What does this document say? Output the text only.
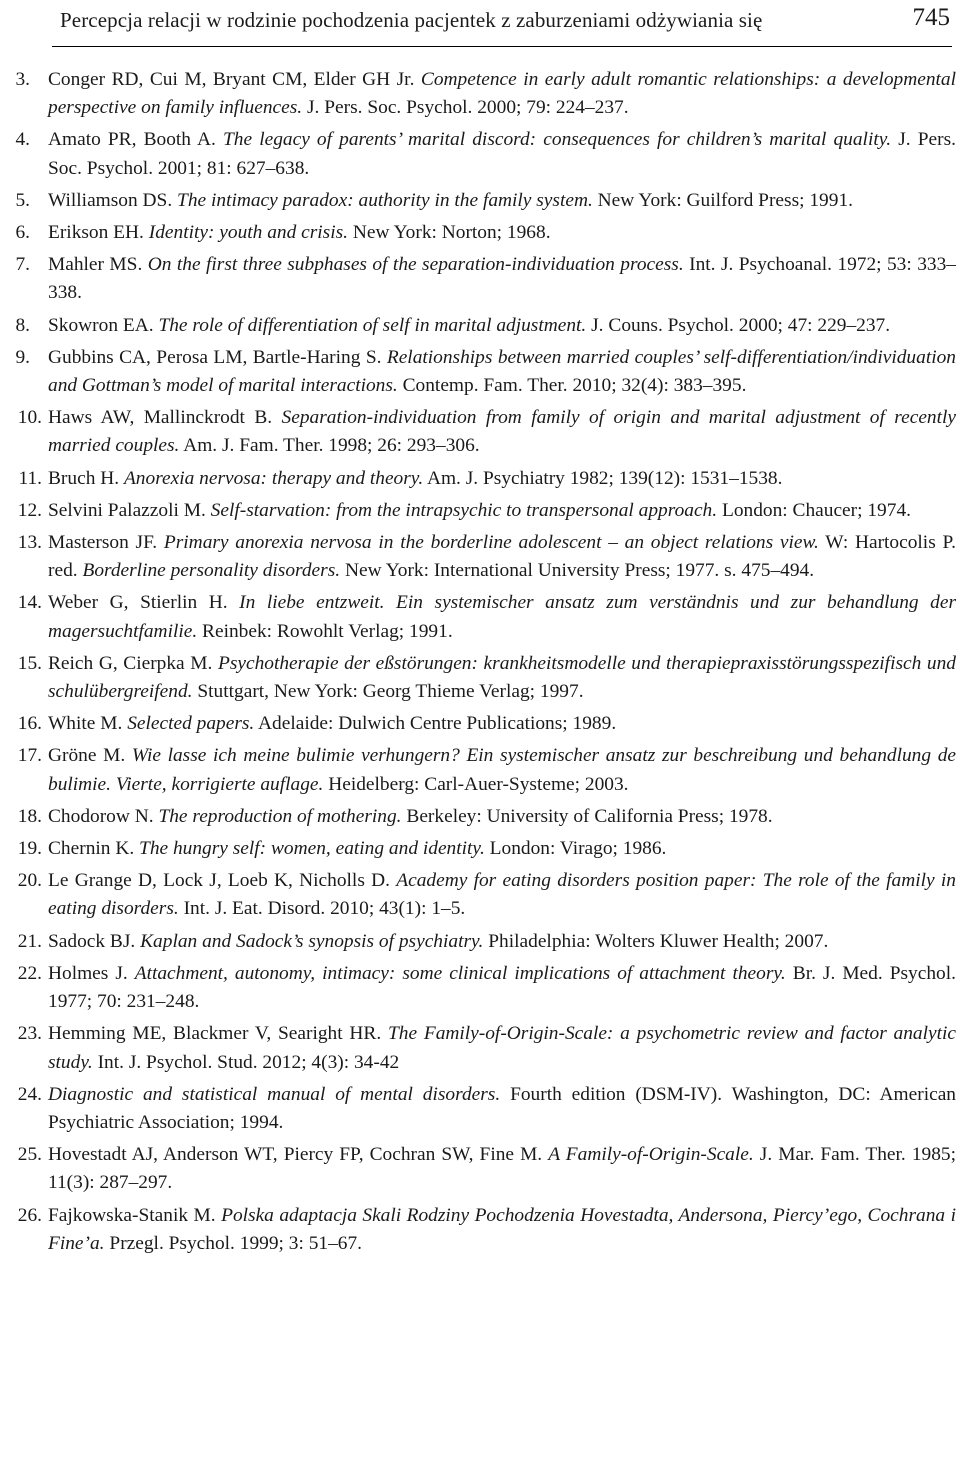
Percepcja relacji w rodzinie pochodzenia pacjentek z zaburzeniami odżywiania się	745
3. Conger RD, Cui M, Bryant CM, Elder GH Jr. Competence in early adult romantic relationships: a developmental perspective on family influences. J. Pers. Soc. Psychol. 2000; 79: 224–237.
4. Amato PR, Booth A. The legacy of parents’ marital discord: consequences for children’s marital quality. J. Pers. Soc. Psychol. 2001; 81: 627–638.
5. Williamson DS. The intimacy paradox: authority in the family system. New York: Guilford Press; 1991.
6. Erikson EH. Identity: youth and crisis. New York: Norton; 1968.
7. Mahler MS. On the first three subphases of the separation-individuation process. Int. J. Psychoanal. 1972; 53: 333–338.
8. Skowron EA. The role of differentiation of self in marital adjustment. J. Couns. Psychol. 2000; 47: 229–237.
9. Gubbins CA, Perosa LM, Bartle-Haring S. Relationships between married couples’ self-differentiation/individuation and Gottman’s model of marital interactions. Contemp. Fam. Ther. 2010; 32(4): 383–395.
10. Haws AW, Mallinckrodt B. Separation-individuation from family of origin and marital adjustment of recently married couples. Am. J. Fam. Ther. 1998; 26: 293–306.
11. Bruch H. Anorexia nervosa: therapy and theory. Am. J. Psychiatry 1982; 139(12): 1531–1538.
12. Selvini Palazzoli M. Self-starvation: from the intrapsychic to transpersonal approach. London: Chaucer; 1974.
13. Masterson JF. Primary anorexia nervosa in the borderline adolescent – an object relations view. W: Hartocolis P. red. Borderline personality disorders. New York: International University Press; 1977. s. 475–494.
14. Weber G, Stierlin H. In liebe entzweit. Ein systemischer ansatz zum verständnis und zur behandlung der magersuchtfamilie. Reinbek: Rowohlt Verlag; 1991.
15. Reich G, Cierpka M. Psychotherapie der eßstörungen: krankheitsmodelle und therapiepraxisstörungsspezifisch und schulübergreifend. Stuttgart, New York: Georg Thieme Verlag; 1997.
16. White M. Selected papers. Adelaide: Dulwich Centre Publications; 1989.
17. Gröne M. Wie lasse ich meine bulimie verhungern? Ein systemischer ansatz zur beschreibung und behandlung de bulimie. Vierte, korrigierte auflage. Heidelberg: Carl-Auer-Systeme; 2003.
18. Chodorow N. The reproduction of mothering. Berkeley: University of California Press; 1978.
19. Chernin K. The hungry self: women, eating and identity. London: Virago; 1986.
20. Le Grange D, Lock J, Loeb K, Nicholls D. Academy for eating disorders position paper: The role of the family in eating disorders. Int. J. Eat. Disord. 2010; 43(1): 1–5.
21. Sadock BJ. Kaplan and Sadock’s synopsis of psychiatry. Philadelphia: Wolters Kluwer Health; 2007.
22. Holmes J. Attachment, autonomy, intimacy: some clinical implications of attachment theory. Br. J. Med. Psychol. 1977; 70: 231–248.
23. Hemming ME, Blackmer V, Searight HR. The Family-of-Origin-Scale: a psychometric review and factor analytic study. Int. J. Psychol. Stud. 2012; 4(3): 34-42
24. Diagnostic and statistical manual of mental disorders. Fourth edition (DSM-IV). Washington, DC: American Psychiatric Association; 1994.
25. Hovestadt AJ, Anderson WT, Piercy FP, Cochran SW, Fine M. A Family-of-Origin-Scale. J. Mar. Fam. Ther. 1985; 11(3): 287–297.
26. Fajkowska-Stanik M. Polska adaptacja Skali Rodziny Pochodzenia Hovestadta, Andersona, Piercy’ego, Cochrana i Fine’a. Przegl. Psychol. 1999; 3: 51–67.
